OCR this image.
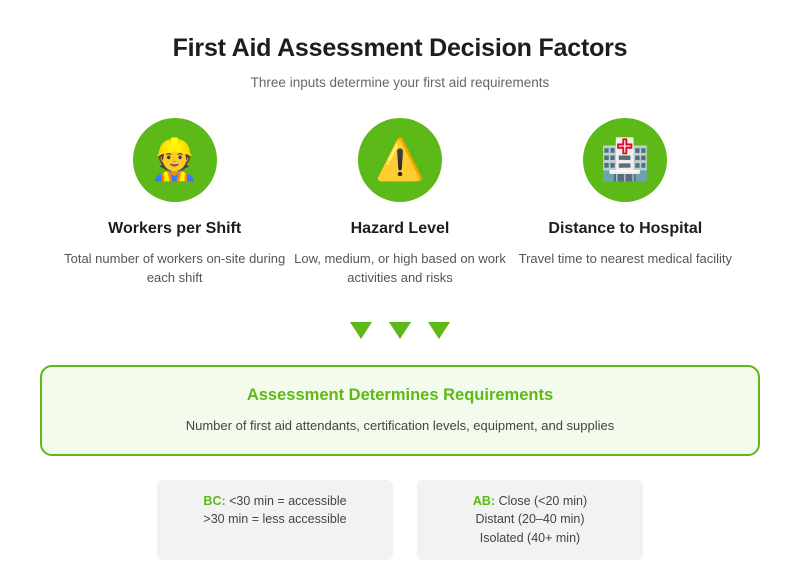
First Aid Assessment Decision Factors
Three inputs determine your first aid requirements
👷
Workers per Shift
Total number of workers on-site during each shift
⚠️
Hazard Level
Low, medium, or high based on work activities and risks
🏥
Distance to Hospital
Travel time to nearest medical facility
Assessment Determines Requirements
Number of first aid attendants, certification levels, equipment, and supplies
BC: <30 min = accessible
>30 min = less accessible
AB: Close (<20 min)
Distant (20–40 min)
Isolated (40+ min)
